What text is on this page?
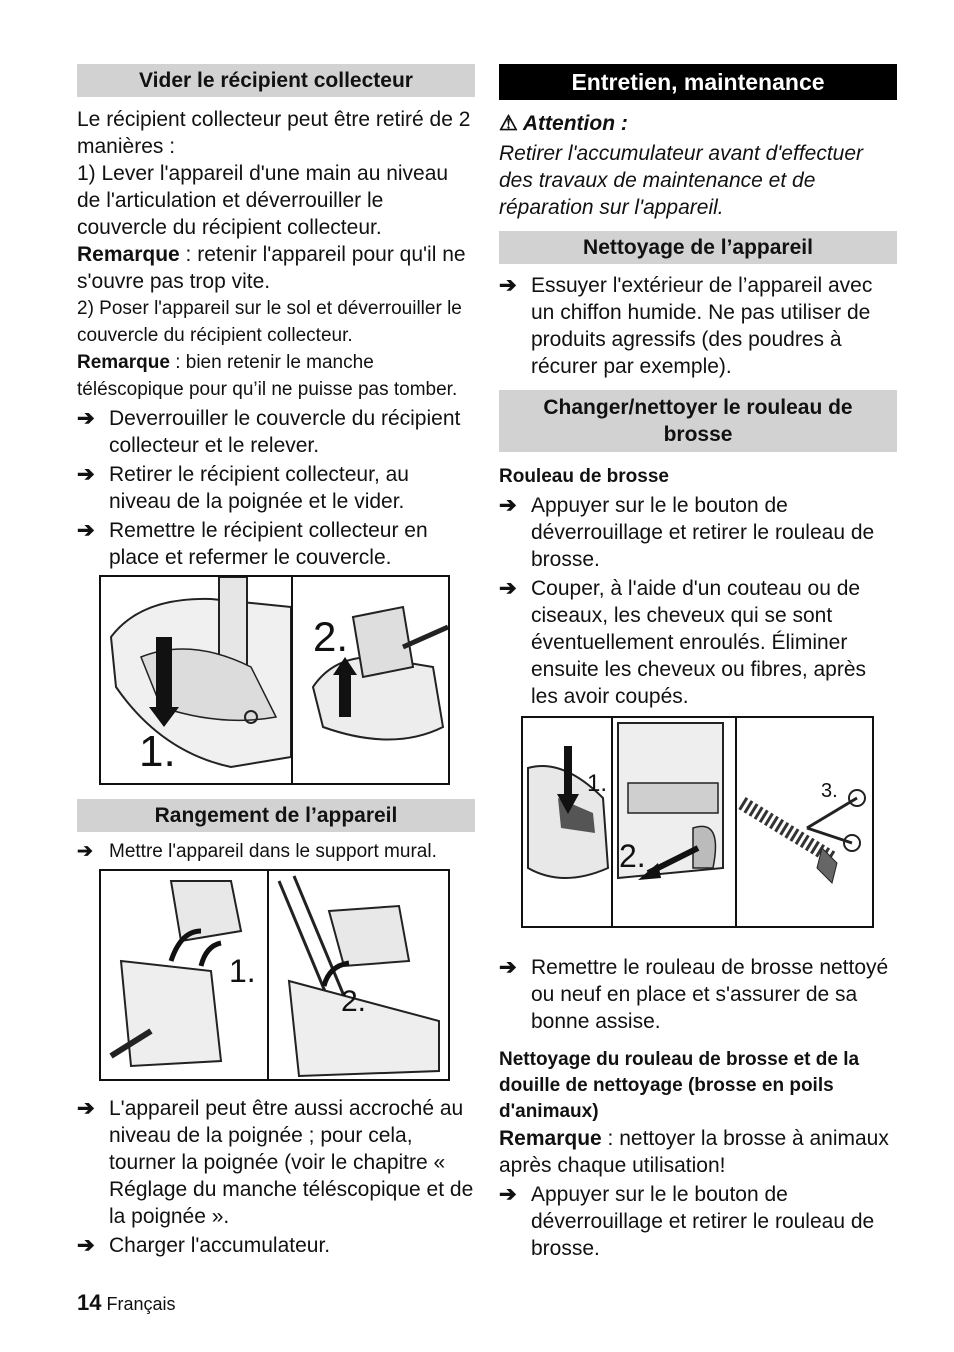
Vider le récipient collecteur

Le récipient collecteur peut être retiré de 2 manières :

1) Lever l'appareil d'une main au niveau de l'articulation et déverrouiller le couvercle du récipient collecteur.

Remarque : retenir l'appareil pour qu'il ne s'ouvre pas trop vite.

2) Poser l'appareil sur le sol et déverrouiller le couvercle du récipient collecteur.

Remarque : bien retenir le manche téléscopique pour qu’il ne puisse pas tomber.

➔ Deverrouiller le couvercle du récipient collecteur et le relever.
➔ Retirer le récipient collecteur, au niveau de la poignée et le vider.
➔ Remettre le récipient collecteur en place et refermer le couvercle.
1.
2.
Rangement de l’appareil
➔ Mettre l'appareil dans le support mural.
1.
2.
➔ L'appareil peut être aussi accroché au niveau de la poignée ; pour cela, tourner la poignée (voir le chapitre « Réglage du manche téléscopique et de la poignée ».
➔ Charger l'accumulateur.
Entretien, maintenance

⚠ Attention :

Retirer l'accumulateur avant d'effectuer des travaux de maintenance et de réparation sur l'appareil.

Nettoyage de l’appareil
➔ Essuyer l'extérieur de l’appareil avec un chiffon humide. Ne pas utiliser de produits agressifs (des poudres à récurer par exemple).
Changer/nettoyer le rouleau de brosse
Rouleau de brosse
➔ Appuyer sur le le bouton de déverrouillage et retirer le rouleau de brosse.
➔ Couper, à l'aide d'un couteau ou de ciseaux, les cheveux qui se sont éventuellement enroulés. Éliminer ensuite les cheveux ou fibres, après les avoir coupés.
1.
2.
3.
➔ Remettre le rouleau de brosse nettoyé ou neuf en place et s'assurer de sa bonne assise.
Nettoyage du rouleau de brosse et de la douille de nettoyage (brosse en poils d'animaux)

Remarque : nettoyer la brosse à animaux après chaque utilisation!

➔ Appuyer sur le le bouton de déverrouillage et retirer le rouleau de brosse.
14 Français
